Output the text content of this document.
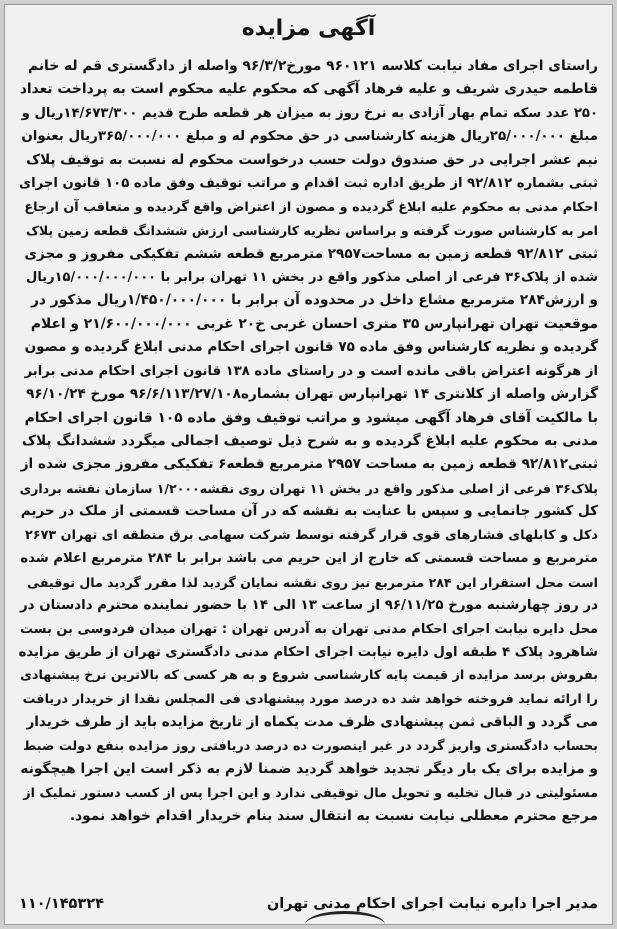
آگهی مزایده
راستای اجرای مفاد نیابت کلاسه ۹۶۰۱۲۱ مورخ۹۶/۳/۲ واصله از دادگستری قم له خانم
قاطمه حیدری شریف و علیه فرهاد آگهی که محکوم علیه محکوم است به پرداخت تعداد
۲۵۰ عدد سکه تمام بهار آزادی به نرخ روز به میزان هر قطعه طرح قدیم ۱۴/۶۷۳/۳۰۰ریال و
مبلغ ۲۵/۰۰۰/۰۰۰ریال هزینه کارشناسی در حق محکوم له و مبلغ ۳۶۵/۰۰۰/۰۰۰ریال بعنوان
نیم عشر اجرایی در حق صندوق دولت حسب درخواست محکوم له نسبت به توقیف پلاک
ثبتی بشماره ۹۲/۸۱۲ از طریق اداره ثبت اقدام و مراتب توقیف وفق ماده ۱۰۵ قانون اجرای
احکام مدنی به محکوم علیه ابلاغ گردیده و مصون از اعتراض واقع گردیده و متعاقب آن ارجاع
امر به کارشناس صورت گرفته و براساس نظریه کارشناسی ارزش ششدانگ قطعه زمین پلاک
ثبتی ۹۲/۸۱۲ قطعه زمین به مساحت۲۹۵۷ مترمربع قطعه ششم تفکیکی مفروز و مجزی
شده از پلاک۳۶ فرعی از اصلی مذکور واقع در بخش ۱۱ تهران برابر با ۱۵/۰۰۰/۰۰۰/۰۰۰ریال
و ارزش۲۸۴ مترمربع مشاع داخل در محدوده آن برابر با ۱/۴۵۰/۰۰۰/۰۰۰ریال مذکور در
موقعیت تهران تهرانپارس ۳۵ متری احسان غربی خ۲۰ غربی ۲۱/۶۰۰/۰۰۰/۰۰۰ و اعلام
گردیده و نظریه کارشناس وفق ماده ۷۵ قانون اجرای احکام مدنی ابلاغ گردیده و مصون
از هرگونه اعتراض باقی مانده است و در راستای ماده ۱۳۸ قانون اجرای احکام مدنی برابر
گزارش واصله از کلانتری ۱۴ تهرانپارس تهران بشماره۹۶/۶/۱۱۳/۲۷/۱۰۸ مورخ ۹۶/۱۰/۲۴
با مالکیت آقای فرهاد آگهی میشود و مراتب توقیف وفق ماده ۱۰۵ قانون اجرای احکام
مدنی به محکوم علیه ابلاغ گردیده و به شرح ذیل توصیف اجمالی میگردد ششدانگ پلاک
ثبتی۹۲/۸۱۲ قطعه زمین به مساحت ۲۹۵۷ مترمربع قطعه۶ تفکیکی مفروز مجزی شده از
پلاک۳۶ فرعی از اصلی مذکور واقع در بخش ۱۱ تهران روی نقشه۱/۲۰۰۰ سازمان نقشه برداری
کل کشور جانمایی و سپس با عنایت به نقشه که در آن مساحت قسمتی از ملک در حریم
دکل و کابلهای فشارهای قوی قرار گرفته توسط شرکت سهامی برق منطقه ای تهران ۲۶۷۳
مترمربع و مساحت قسمتی که خارج از این حریم می باشد برابر با ۲۸۴ مترمربع اعلام شده
است محل استقرار این ۲۸۴ مترمربع نیز روی نقشه نمایان گردید لذا مقرر گردید مال توقیفی
در روز چهارشنبه مورخ ۹۶/۱۱/۲۵ از ساعت ۱۳ الی ۱۴ با حضور نماینده محترم دادستان در
محل دایره نیابت اجرای احکام مدنی تهران به آدرس تهران : تهران میدان فردوسی بن بست
شاهرود پلاک ۴ طبقه اول دایره نیابت اجرای احکام مدنی دادگستری تهران از طریق مزایده
بفروش برسد مزایده از قیمت پایه کارشناسی شروع و به هر کسی که بالاترین نرخ پیشنهادی
را ارائه نماید فروخته خواهد شد ده درصد مورد پیشنهادی فی المجلس نقدا از خریدار دریافت
می گردد و الباقی ثمن پیشنهادی ظرف مدت یکماه از تاریخ مزایده باید از طرف خریدار
بحساب دادگستری واریز گردد در غیر اینصورت ده درصد دریافتی روز مزایده بنفع دولت ضبط
و مزایده برای یک بار دیگر تجدید خواهد گردید ضمنا لازم به ذکر است این اجرا هیچگونه
مسئولیتی در قبال تخلیه و تحویل مال توقیفی ندارد و این اجرا پس از کسب دستور تملیک از
مرجع محترم معطلی نیابت نسبت به انتقال سند بنام خریدار اقدام خواهد نمود.
مدیر اجرا دایره نیابت اجرای احکام مدنی تهران
۱۱۰/۱۴۵۳۲۴
